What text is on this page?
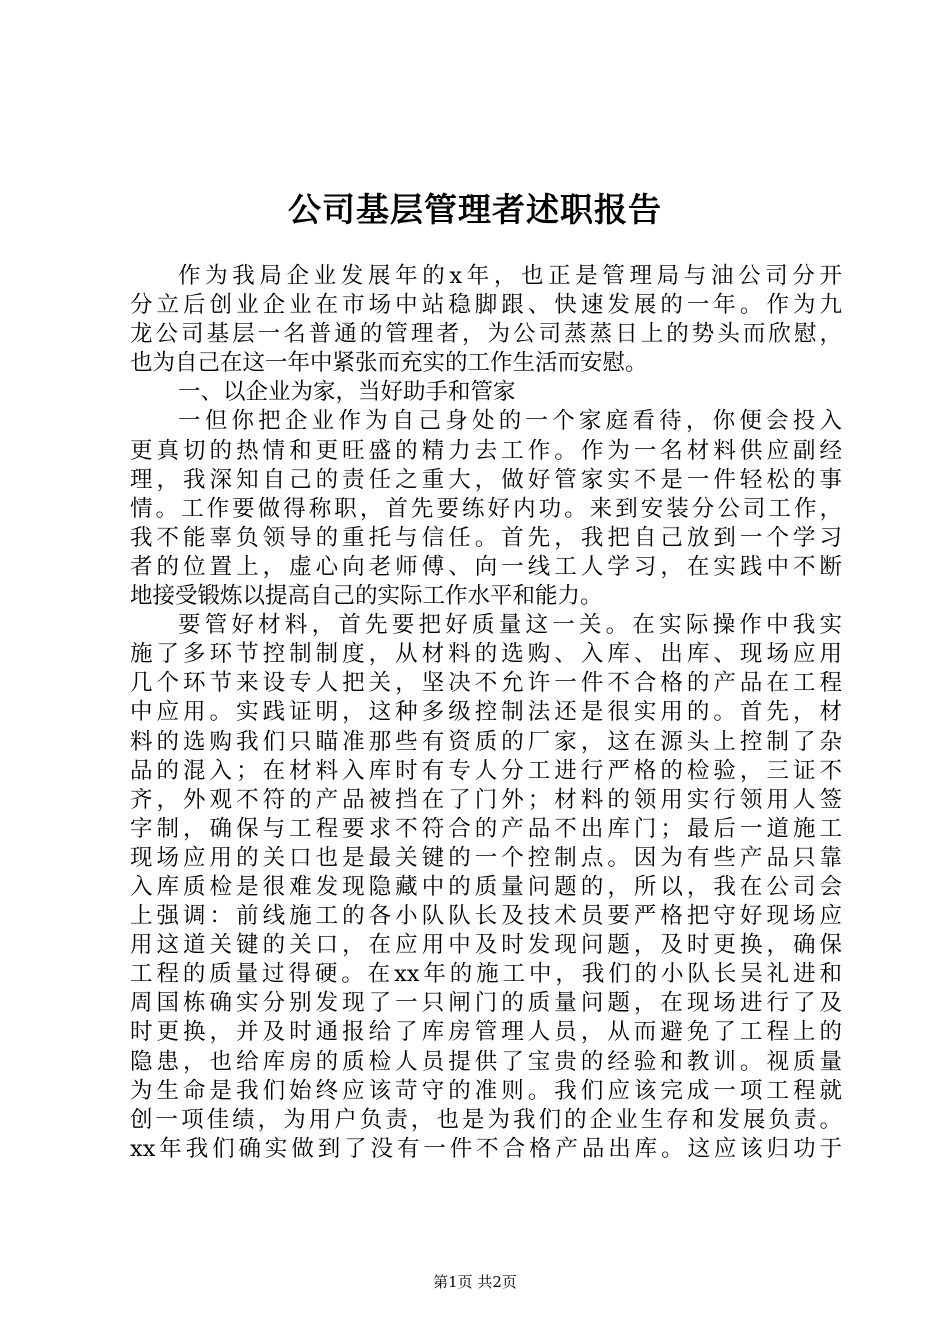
公司基层管理者述职报告
作为我局企业发展年的x年，也正是管理局与油公司分开
分立后创业企业在市场中站稳脚跟、快速发展的一年。作为九
龙公司基层一名普通的管理者，为公司蒸蒸日上的势头而欣慰，
也为自己在这一年中紧张而充实的工作生活而安慰。
一、以企业为家，当好助手和管家
一但你把企业作为自己身处的一个家庭看待，你便会投入
更真切的热情和更旺盛的精力去工作。作为一名材料供应副经
理，我深知自己的责任之重大，做好管家实不是一件轻松的事
情。工作要做得称职，首先要练好内功。来到安装分公司工作，
我不能辜负领导的重托与信任。首先，我把自己放到一个学习
者的位置上，虚心向老师傅、向一线工人学习，在实践中不断
地接受锻炼以提高自己的实际工作水平和能力。
要管好材料，首先要把好质量这一关。在实际操作中我实
施了多环节控制制度，从材料的选购、入库、出库、现场应用
几个环节来设专人把关，坚决不允许一件不合格的产品在工程
中应用。实践证明，这种多级控制法还是很实用的。首先，材
料的选购我们只瞄准那些有资质的厂家，这在源头上控制了杂
品的混入；在材料入库时有专人分工进行严格的检验，三证不
齐，外观不符的产品被挡在了门外；材料的领用实行领用人签
字制，确保与工程要求不符合的产品不出库门；最后一道施工
现场应用的关口也是最关键的一个控制点。因为有些产品只靠
入库质检是很难发现隐藏中的质量问题的，所以，我在公司会
上强调：前线施工的各小队队长及技术员要严格把守好现场应
用这道关键的关口，在应用中及时发现问题，及时更换，确保
工程的质量过得硬。在xx年的施工中，我们的小队长吴礼进和
周国栋确实分别发现了一只闸门的质量问题，在现场进行了及
时更换，并及时通报给了库房管理人员，从而避免了工程上的
隐患，也给库房的质检人员提供了宝贵的经验和教训。视质量
为生命是我们始终应该苛守的准则。我们应该完成一项工程就
创一项佳绩，为用户负责，也是为我们的企业生存和发展负责。
xx年我们确实做到了没有一件不合格产品出库。这应该归功于
第1页 共2页
